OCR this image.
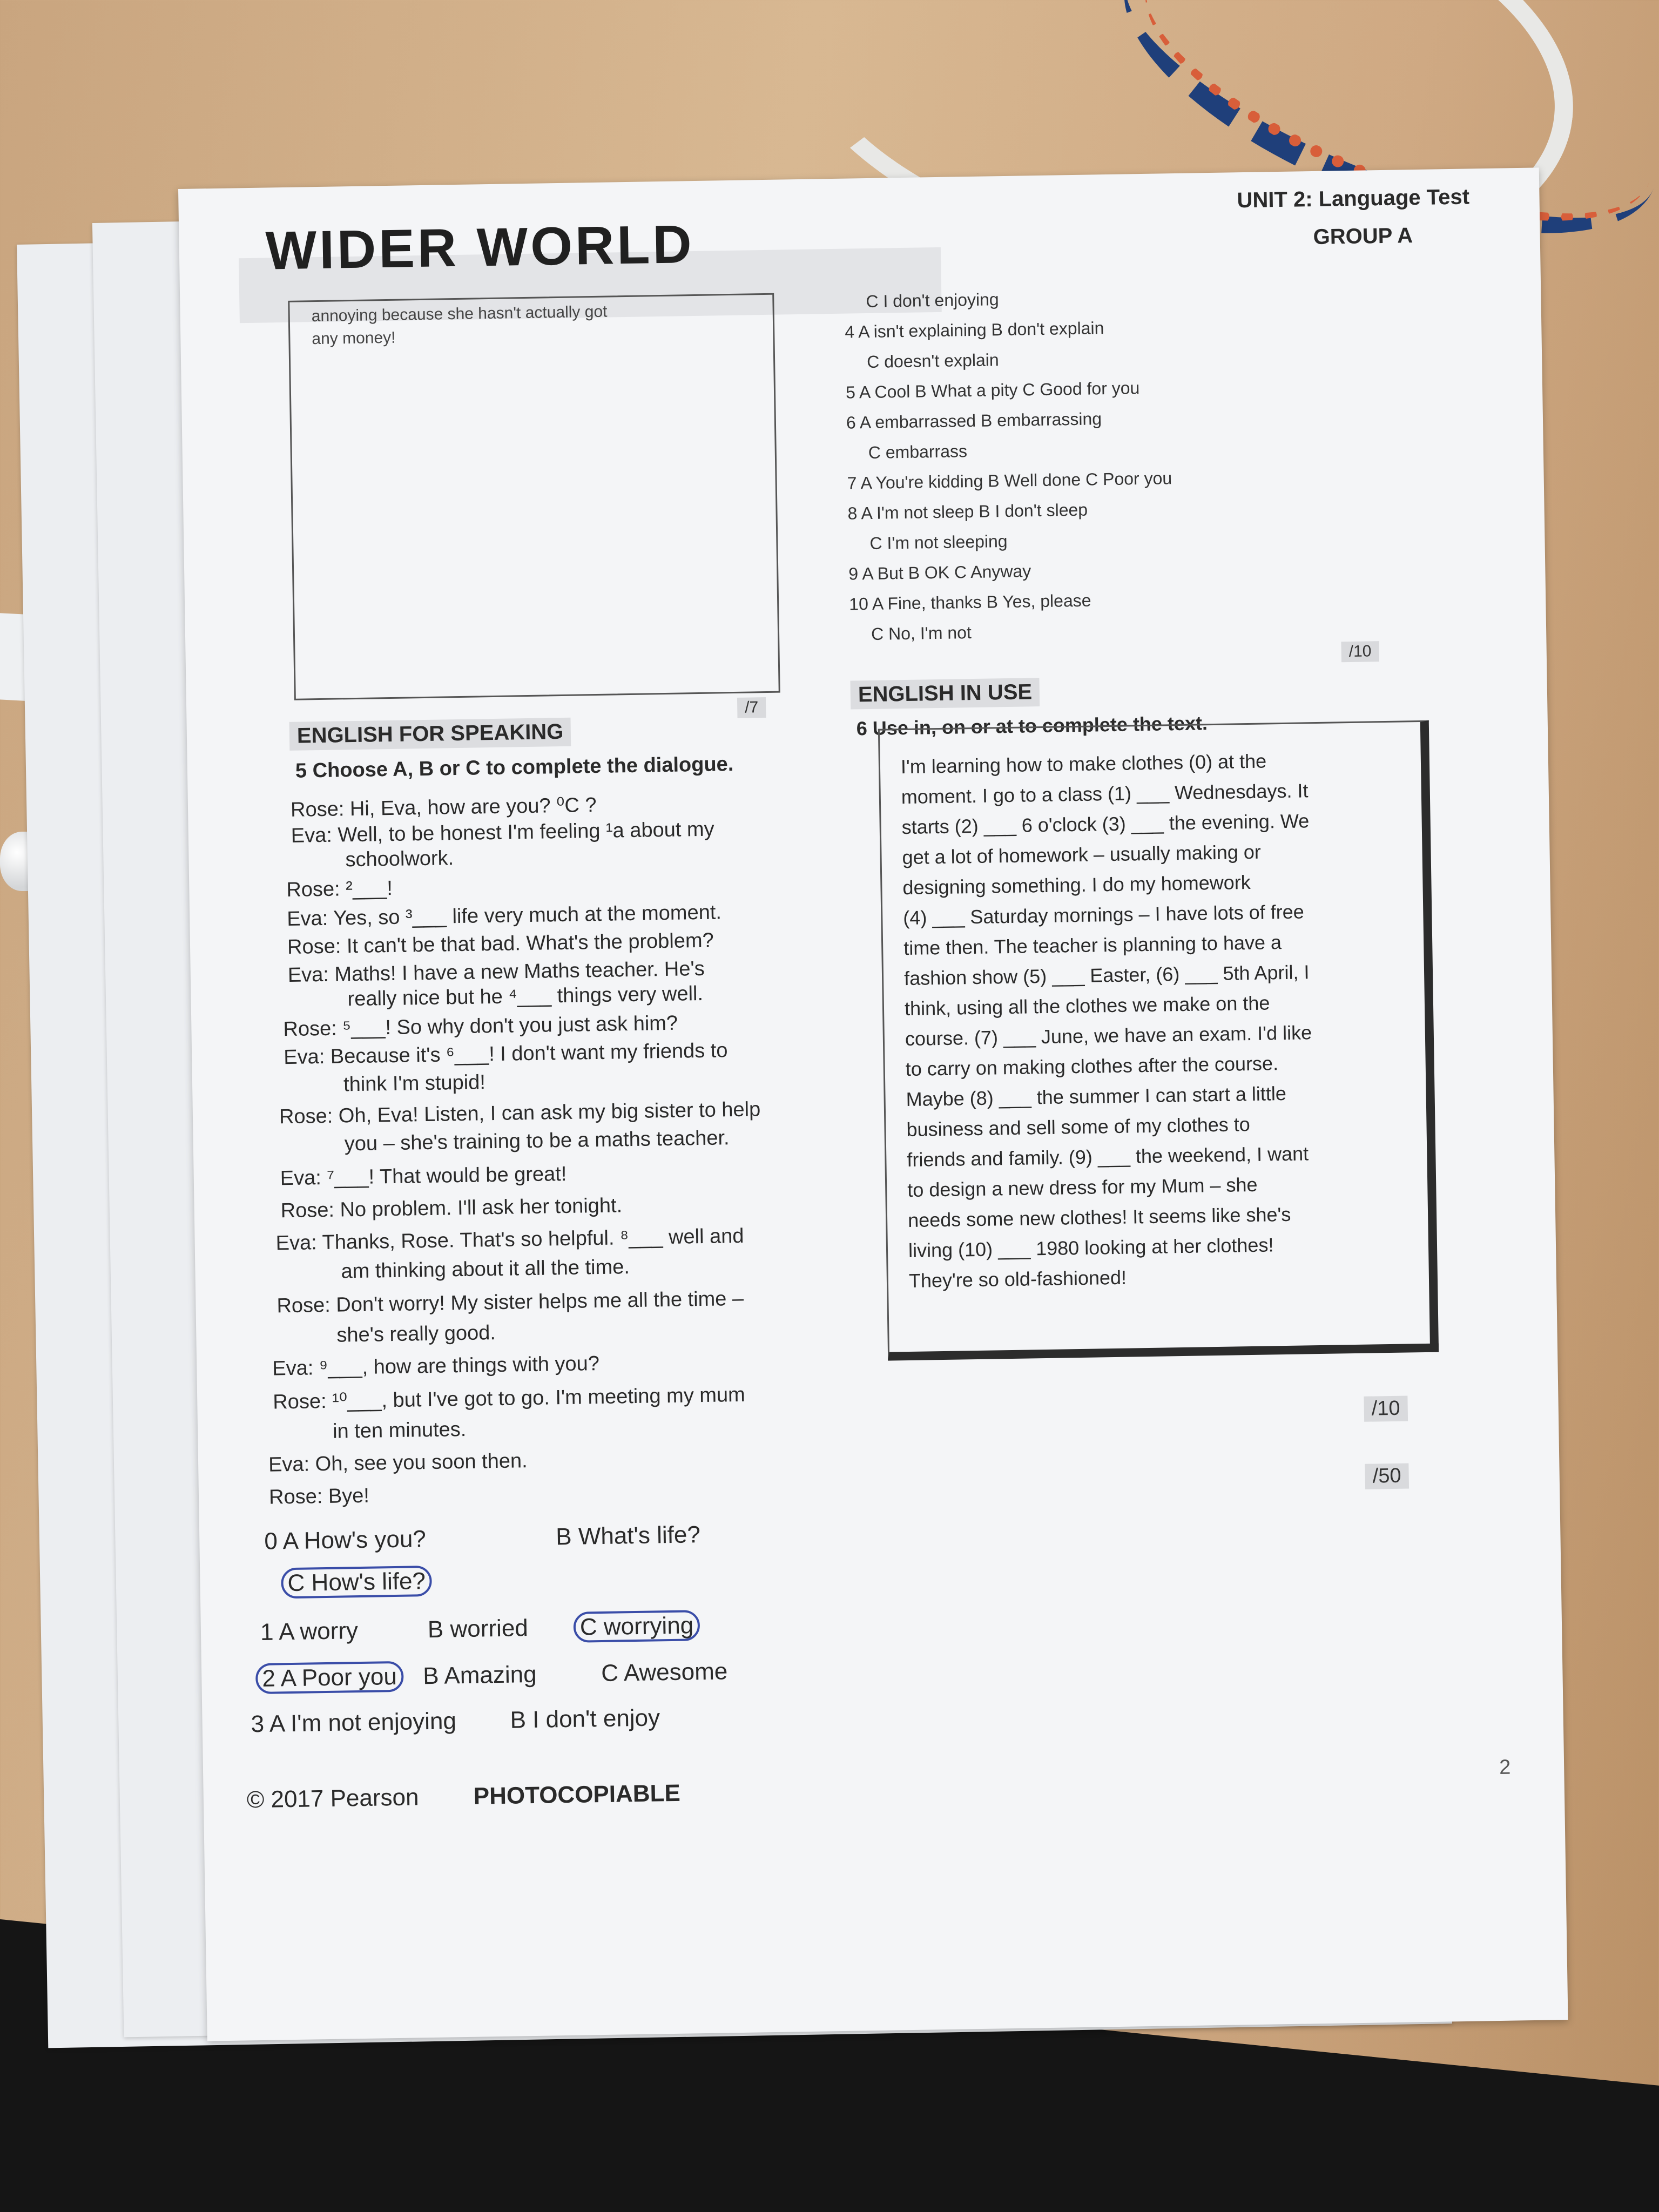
WIDER WORLD
UNIT 2: Language Test
GROUP A
annoying because she hasn't actually got
any money!
/7
C I don't enjoying
4 A isn't explaining B don't explain
C doesn't explain
5 A Cool B What a pity C Good for you
6 A embarrassed B embarrassing
C embarrass
7 A You're kidding B Well done C Poor you
8 A I'm not sleep B I don't sleep
C I'm not sleeping
9 A But B OK C Anyway
10 A Fine, thanks B Yes, please
C No, I'm not
/10
ENGLISH IN USE
6 Use in, on or at to complete the text.
I'm learning how to make clothes (0) at the
moment. I go to a class (1) ___ Wednesdays. It
starts (2) ___ 6 o'clock (3) ___ the evening. We
get a lot of homework – usually making or
designing something. I do my homework
(4) ___ Saturday mornings – I have lots of free
time then. The teacher is planning to have a
fashion show (5) ___ Easter, (6) ___ 5th April, I
think, using all the clothes we make on the
course. (7) ___ June, we have an exam. I'd like
to carry on making clothes after the course.
Maybe (8) ___ the summer I can start a little
business and sell some of my clothes to
friends and family. (9) ___ the weekend, I want
to design a new dress for my Mum – she
needs some new clothes! It seems like she's
living (10) ___ 1980 looking at her clothes!
They're so old-fashioned!
/10
/50
ENGLISH FOR SPEAKING
5 Choose A, B or C to complete the dialogue.
Rose: Hi, Eva, how are you? ⁰C ?
Eva: Well, to be honest I'm feeling ¹a about my
schoolwork.
Rose: ²___!
Eva: Yes, so ³___ life very much at the moment.
Rose: It can't be that bad. What's the problem?
Eva: Maths! I have a new Maths teacher. He's
really nice but he ⁴___ things very well.
Rose: ⁵___! So why don't you just ask him?
Eva: Because it's ⁶___! I don't want my friends to
think I'm stupid!
Rose: Oh, Eva! Listen, I can ask my big sister to help
you – she's training to be a maths teacher.
Eva: ⁷___! That would be great!
Rose: No problem. I'll ask her tonight.
Eva: Thanks, Rose. That's so helpful. ⁸___ well and
am thinking about it all the time.
Rose: Don't worry! My sister helps me all the time –
she's really good.
Eva: ⁹___, how are things with you?
Rose: ¹⁰___, but I've got to go. I'm meeting my mum
in ten minutes.
Eva: Oh, see you soon then.
Rose: Bye!
0 A How's you?	B What's life?
C How's life?
1 A worry	B worried C worrying
2 A Poor you B Amazing	C Awesome
3 A I'm not enjoying B I don't enjoy
© 2017 Pearson PHOTOCOPIABLE
2
